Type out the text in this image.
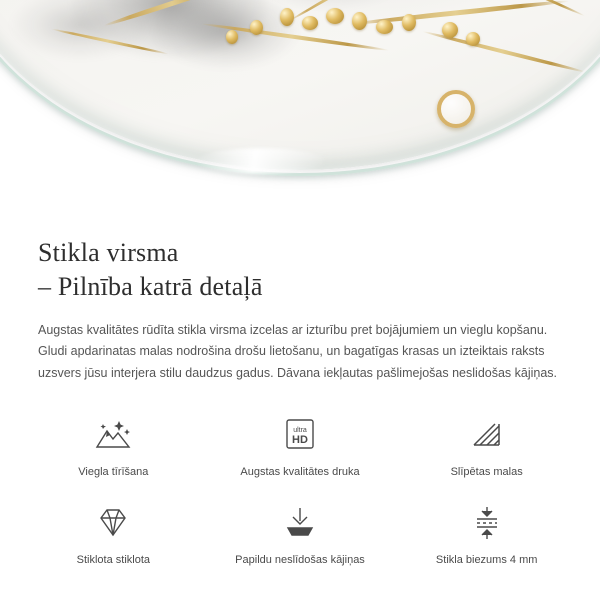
Stikla virsma
– Pilnība katrā detaļā

Augstas kvalitātes rūdīta stikla virsma izcelas ar izturību pret bojājumiem un vieglu kopšanu. Gludi apdarinatas malas nodrošina drošu lietošanu, un bagatīgas krasas un izteiktais raksts uzsvers jūsu interjera stilu daudzus gadus. Dāvana iekļautas pašlimejošas neslidošas kājiņas.

Viegla tīrīšana
ultra
HD
Augstas kvalitātes druka	Slīpētas malas
Stiklota stiklota	Papildu neslīdošas kājiņas	Stikla biezums 4 mm
